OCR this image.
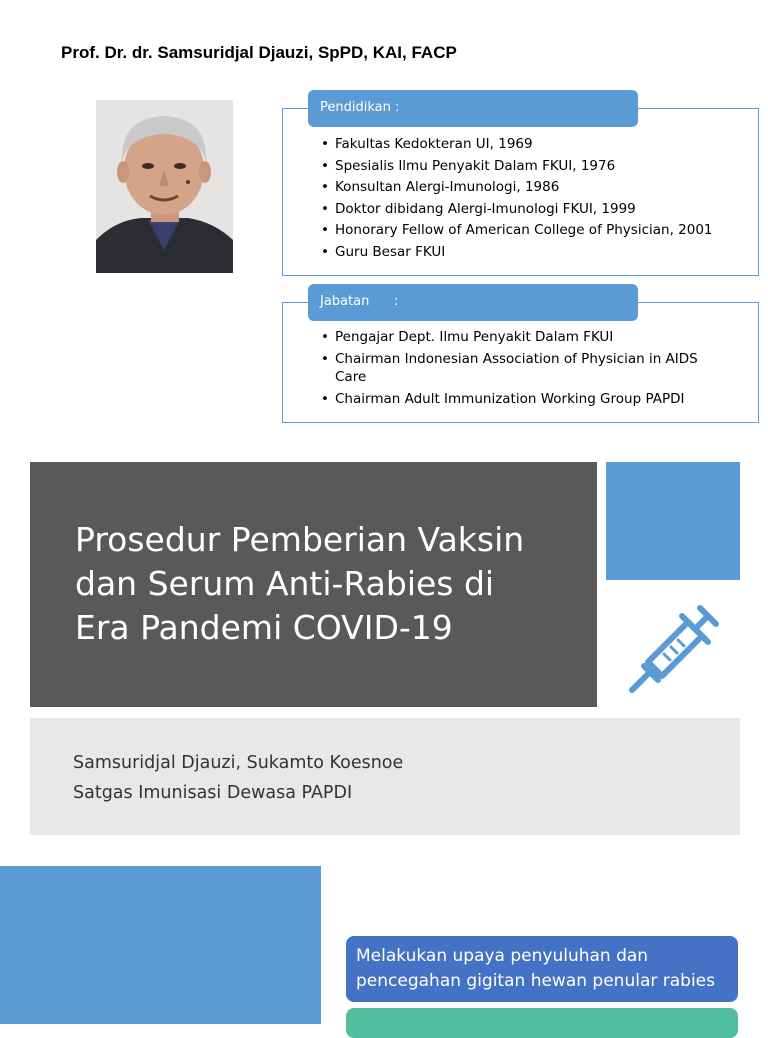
Prof. Dr. dr. Samsuridjal Djauzi, SpPD, KAI, FACP
Pendidikan :
• Fakultas Kedokteran UI, 1969
• Spesialis Ilmu Penyakit Dalam FKUI, 1976
• Konsultan Alergi-Imunologi, 1986
• Doktor dibidang Alergi-Imunologi FKUI, 1999
• Honorary Fellow of American College of Physician, 2001
• Guru Besar FKUI
Jabatan      :
• Pengajar Dept. Ilmu Penyakit Dalam FKUI
• Chairman Indonesian Association of Physician in AIDS Care
• Chairman Adult Immunization Working Group PAPDI
Prosedur Pemberian Vaksin
dan Serum Anti-Rabies di
Era Pandemi COVID-19
Samsuridjal Djauzi, Sukamto Koesnoe
Satgas Imunisasi Dewasa PAPDI
Melakukan upaya penyuluhan dan
pencegahan gigitan hewan penular rabies
